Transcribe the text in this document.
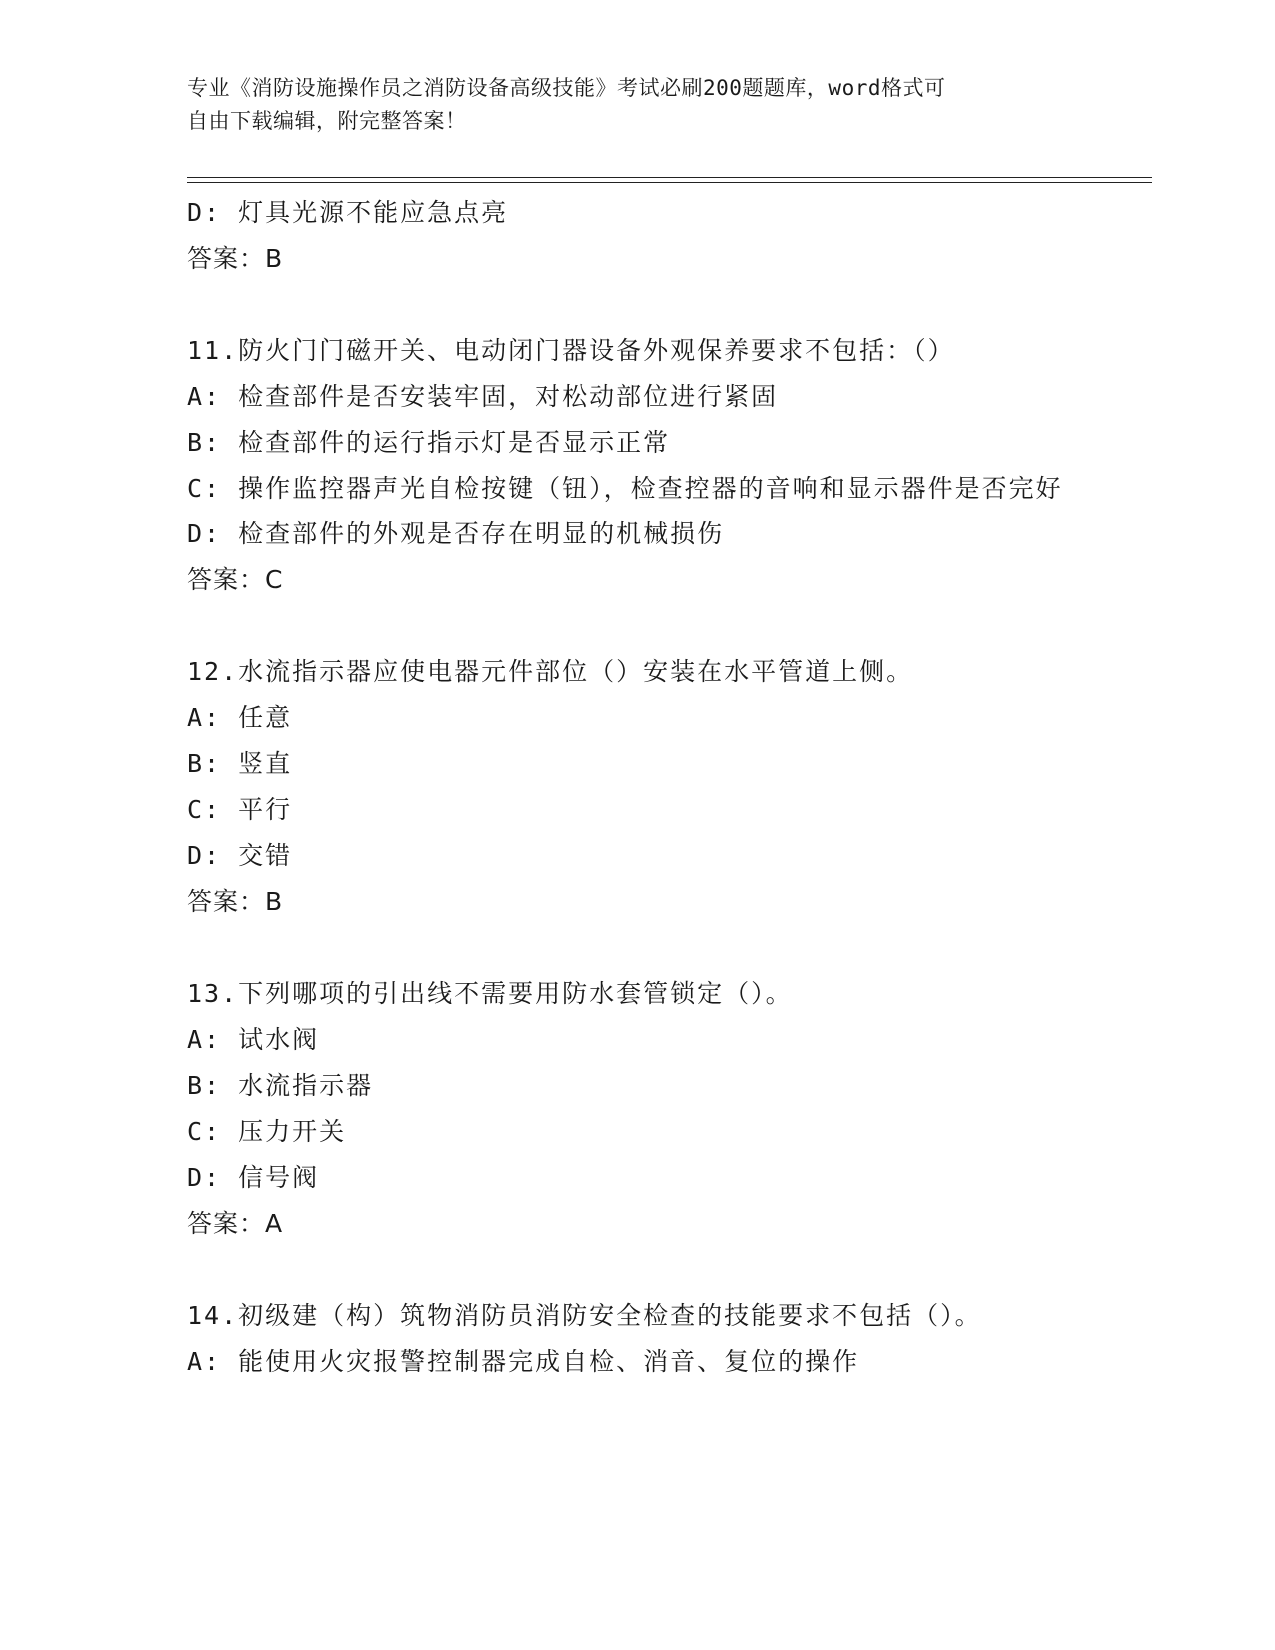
专业《消防设施操作员之消防设备高级技能》考试必刷200题题库，word格式可
自由下载编辑，附完整答案！
D: 灯具光源不能应急点亮
答案：B
11.防火门门磁开关、电动闭门器设备外观保养要求不包括：（）
A: 检查部件是否安装牢固，对松动部位进行紧固
B: 检查部件的运行指示灯是否显示正常
C: 操作监控器声光自检按键（钮），检查控器的音响和显示器件是否完好
D: 检查部件的外观是否存在明显的机械损伤
答案：C
12.水流指示器应使电器元件部位（）安装在水平管道上侧。
A: 任意
B: 竖直
C: 平行
D: 交错
答案：B
13.下列哪项的引出线不需要用防水套管锁定（）。
A: 试水阀
B: 水流指示器
C: 压力开关
D: 信号阀
答案：A
14.初级建（构）筑物消防员消防安全检查的技能要求不包括（）。
A: 能使用火灾报警控制器完成自检、消音、复位的操作
